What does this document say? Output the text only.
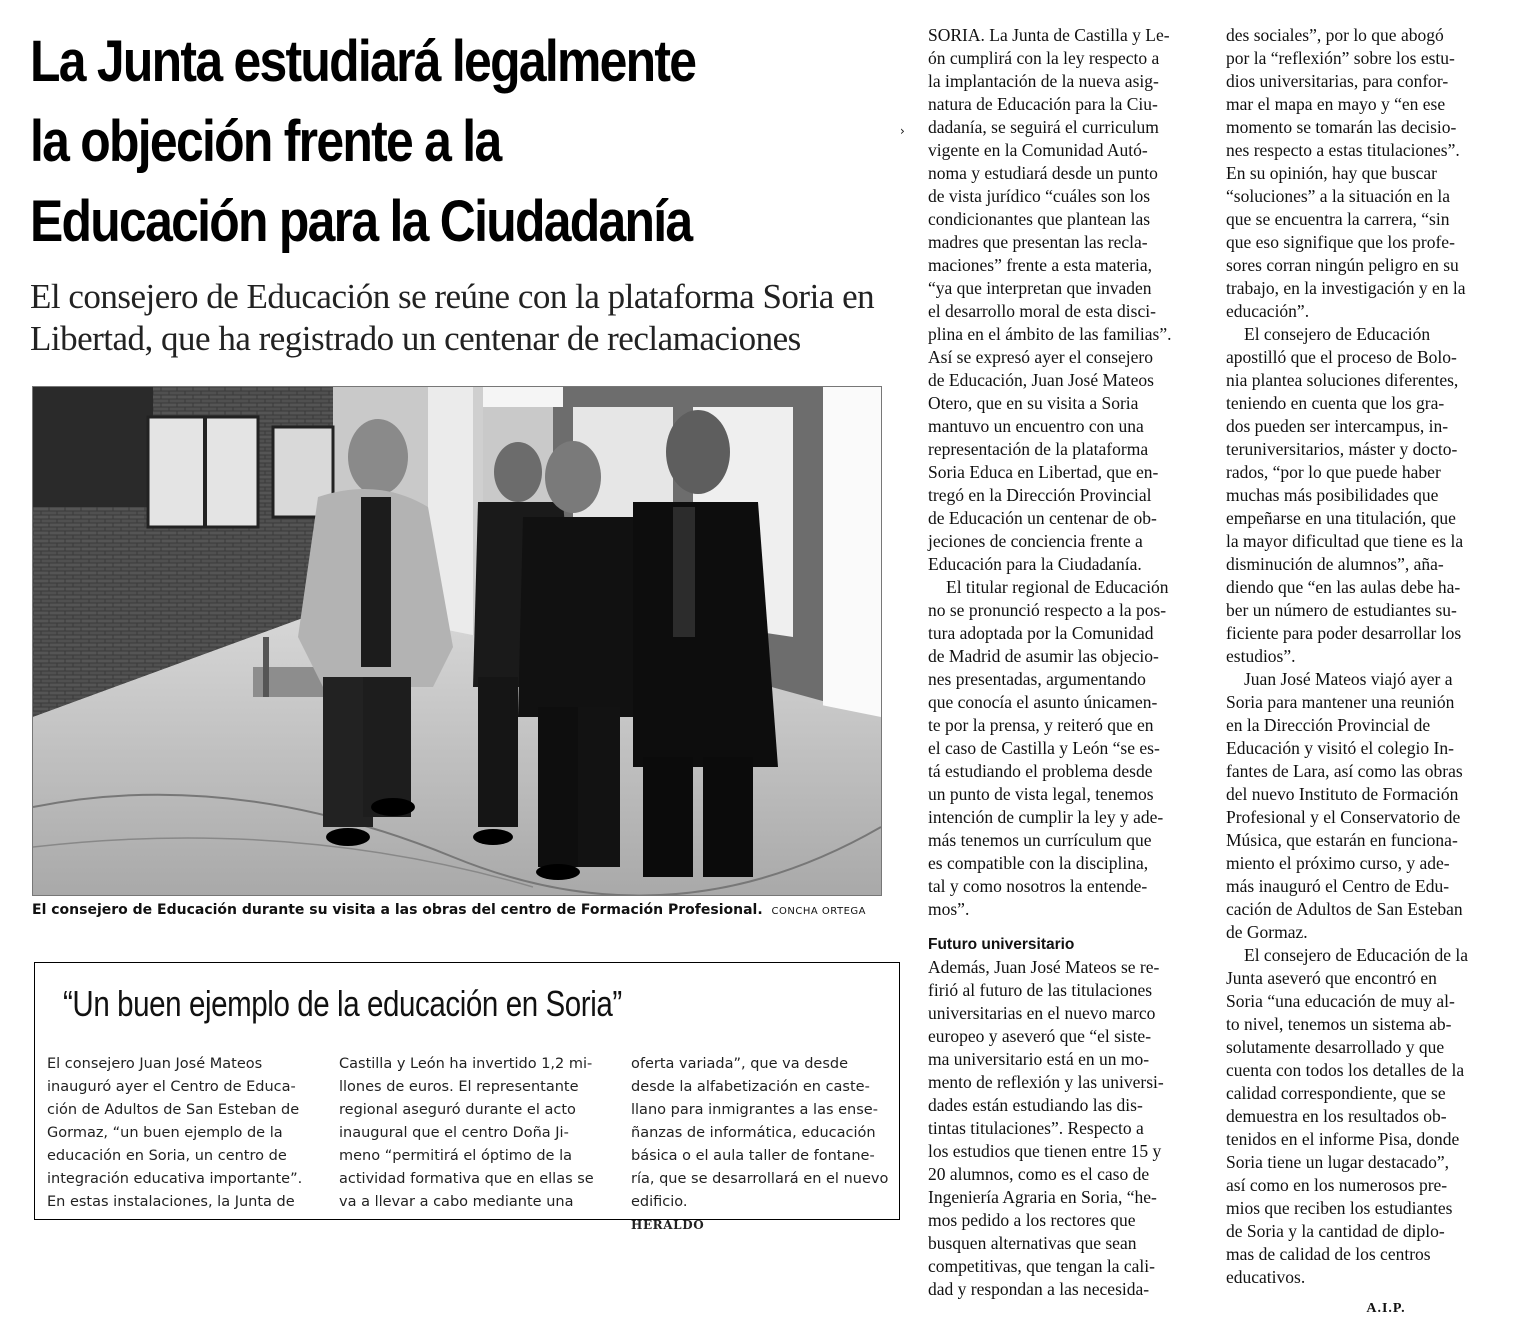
La Junta estudiará legalmente
la objeción frente a la
Educación para la Ciudadanía
›
El consejero de Educación se reúne con la plataforma Soria en
Libertad, que ha registrado un centenar de reclamaciones
El consejero de Educación durante su visita a las obras del centro de Formación Profesional. CONCHA ORTEGA
“Un buen ejemplo de la educación en Soria”
El consejero Juan José Mateos
inauguró ayer el Centro de Educa-
ción de Adultos de San Esteban de
Gormaz, “un buen ejemplo de la
educación en Soria, un centro de
integración educativa importante”.
En estas instalaciones, la Junta de
Castilla y León ha invertido 1,2 mi-
llones de euros. El representante
regional aseguró durante el acto
inaugural que el centro Doña Ji-
meno “permitirá el óptimo de la
actividad formativa que en ellas se
va a llevar a cabo mediante una
oferta variada”, que va desde
desde la alfabetización en caste-
llano para inmigrantes a las ense-
ñanzas de informática, educación
básica o el aula taller de fontane-
ría, que se desarrollará en el nuevo
edificio.
HERALDO
SORIA. La Junta de Castilla y Le-
ón cumplirá con la ley respecto a
la implantación de la nueva asig-
natura de Educación para la Ciu-
dadanía, se seguirá el curriculum
vigente en la Comunidad Autó-
noma y estudiará desde un punto
de vista jurídico “cuáles son los
condicionantes que plantean las
madres que presentan las recla-
maciones” frente a esta materia,
“ya que interpretan que invaden
el desarrollo moral de esta disci-
plina en el ámbito de las familias”.
Así se expresó ayer el consejero
de Educación, Juan José Mateos
Otero, que en su visita a Soria
mantuvo un encuentro con una
representación de la plataforma
Soria Educa en Libertad, que en-
tregó en la Dirección Provincial
de Educación un centenar de ob-
jeciones de conciencia frente a
Educación para la Ciudadanía.
El titular regional de Educación
no se pronunció respecto a la pos-
tura adoptada por la Comunidad
de Madrid de asumir las objecio-
nes presentadas, argumentando
que conocía el asunto únicamen-
te por la prensa, y reiteró que en
el caso de Castilla y León “se es-
tá estudiando el problema desde
un punto de vista legal, tenemos
intención de cumplir la ley y ade-
más tenemos un currículum que
es compatible con la disciplina,
tal y como nosotros la entende-
mos”.
Futuro universitario
Además, Juan José Mateos se re-
firió al futuro de las titulaciones
universitarias en el nuevo marco
europeo y aseveró que “el siste-
ma universitario está en un mo-
mento de reflexión y las universi-
dades están estudiando las dis-
tintas titulaciones”. Respecto a
los estudios que tienen entre 15 y
20 alumnos, como es el caso de
Ingeniería Agraria en Soria, “he-
mos pedido a los rectores que
busquen alternativas que sean
competitivas, que tengan la cali-
dad y respondan a las necesida-
des sociales”, por lo que abogó
por la “reflexión” sobre los estu-
dios universitarias, para confor-
mar el mapa en mayo y “en ese
momento se tomarán las decisio-
nes respecto a estas titulaciones”.
En su opinión, hay que buscar
“soluciones” a la situación en la
que se encuentra la carrera, “sin
que eso signifique que los profe-
sores corran ningún peligro en su
trabajo, en la investigación y en la
educación”.
El consejero de Educación
apostilló que el proceso de Bolo-
nia plantea soluciones diferentes,
teniendo en cuenta que los gra-
dos pueden ser intercampus, in-
teruniversitarios, máster y docto-
rados, “por lo que puede haber
muchas más posibilidades que
empeñarse en una titulación, que
la mayor dificultad que tiene es la
disminución de alumnos”, aña-
diendo que “en las aulas debe ha-
ber un número de estudiantes su-
ficiente para poder desarrollar los
estudios”.
Juan José Mateos viajó ayer a
Soria para mantener una reunión
en la Dirección Provincial de
Educación y visitó el colegio In-
fantes de Lara, así como las obras
del nuevo Instituto de Formación
Profesional y el Conservatorio de
Música, que estarán en funciona-
miento el próximo curso, y ade-
más inauguró el Centro de Edu-
cación de Adultos de San Esteban
de Gormaz.
El consejero de Educación de la
Junta aseveró que encontró en
Soria “una educación de muy al-
to nivel, tenemos un sistema ab-
solutamente desarrollado y que
cuenta con todos los detalles de la
calidad correspondiente, que se
demuestra en los resultados ob-
tenidos en el informe Pisa, donde
Soria tiene un lugar destacado”,
así como en los numerosos pre-
mios que reciben los estudiantes
de Soria y la cantidad de diplo-
mas de calidad de los centros
educativos.
A.I.P.
